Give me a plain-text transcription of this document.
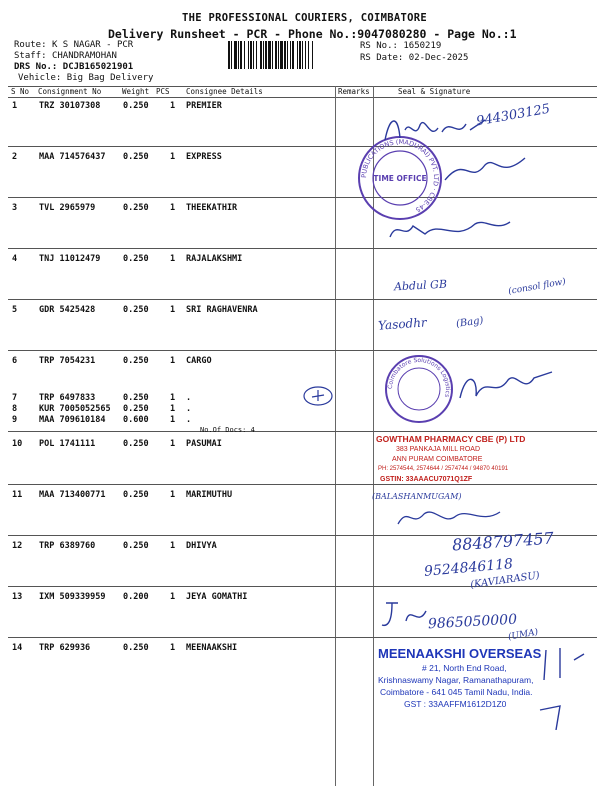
THE PROFESSIONAL COURIERS, COIMBATORE
Delivery Runsheet - PCR - Phone No.:9047080280 - Page No.:1
Route: K S NAGAR - PCR
Staff: CHANDRAMOHAN
DRS No.: DCJB165021901
Vehicle: Big Bag Delivery
RS No.: 1650219
RS Date: 02-Dec-2025
S No Consignment No	Weight PCS Consignee Details	Remarks	Seal & Signature
1	TRZ 30107308	0.250	1 PREMIER
2	MAA 714576437 0.250	1 EXPRESS
3	TVL 2965979	0.250	1 THEEKATHIR
4	TNJ 11012479	0.250	1 RAJALAKSHMI
5	GDR 5425428	0.250	1 SRI RAGHAVENRA
6	TRP 7054231	0.250	1 CARGO
7	TRP 6497833	0.250	1 .
8	KUR 7005052565 0.250	1 .
9	MAA 709610184 0.600	1 .
10 POL 1741111	0.250	1 PASUMAI
11 MAA 713400771 0.250	1 MARIMUTHU
12 TRP 6389760	0.250	1 DHIVYA
13 IXM 509339959 0.200	1 JEYA GOMATHI
14 TRP 629936	0.250	1 MEENAAKSHI
No.Of Docs: 4
PUBLICATIONS (MADURAI) PVT. LTD · CBE-45
TIME OFFICE
Coimbatore Solutions Logistics
GOWTHAM PHARMACY CBE (P) LTD
383 PANKAJA MILL ROAD
ANN PURAM COIMBATORE
PH: 2574544, 2574644 / 2574744 / 94870 40191
GSTIN: 33AAACU7071Q1ZF
MEENAAKSHI OVERSEAS
# 21, North End Road,
Krishnaswamy Nagar, Ramanathapuram,
Coimbatore - 641 045 Tamil Nadu, India.
GST : 33AAFFM1612D1Z0
944303125
Abdul GB	(consol flow)
Yasodhr	(Bag)
(BALASHANMUGAM)
8848797457
9524846118
(KAVIARASU)
9865050000
(UMA)
